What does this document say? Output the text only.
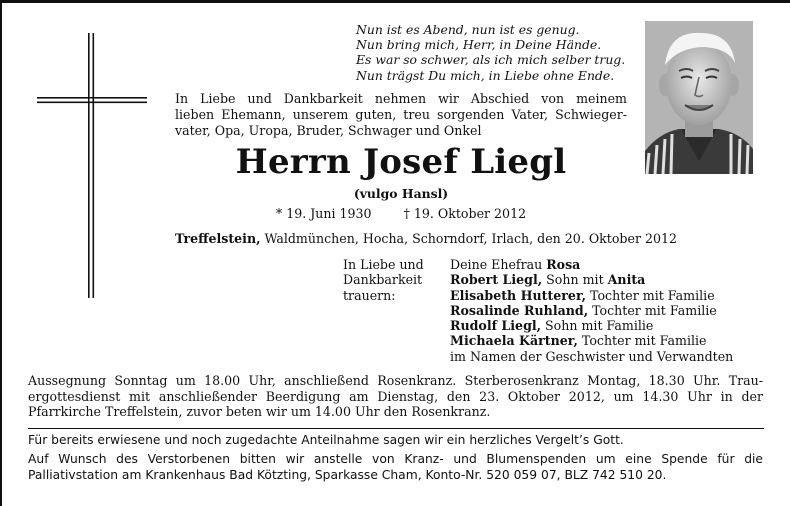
Nun ist es Abend, nun ist es genug.
Nun bring mich, Herr, in Deine Hände.
Es war so schwer, als ich mich selber trug.
Nun trägst Du mich, in Liebe ohne Ende.
In Liebe und Dankbarkeit nehmen wir Abschied von meinem
lieben Ehemann, unserem guten, treu sorgenden Vater, Schwieger-
vater, Opa, Uropa, Bruder, Schwager und Onkel
Herrn Josef Liegl
(vulgo Hansl)
* 19. Juni 1930	† 19. Oktober 2012
Treffelstein, Waldmünchen, Hocha, Schorndorf, Irlach, den 20. Oktober 2012
In Liebe und
Dankbarkeit
trauern:
Deine Ehefrau Rosa
Robert Liegl, Sohn mit Anita
Elisabeth Hutterer, Tochter mit Familie
Rosalinde Ruhland, Tochter mit Familie
Rudolf Liegl, Sohn mit Familie
Michaela Kärtner, Tochter mit Familie
im Namen der Geschwister und Verwandten
Aussegnung Sonntag um 18.00 Uhr, anschließend Rosenkranz. Sterberosenkranz Montag, 18.30 Uhr. Trau-
ergottesdienst mit anschließender Beerdigung am Dienstag, den 23. Oktober 2012, um 14.30 Uhr in der
Pfarrkirche Treffelstein, zuvor beten wir um 14.00 Uhr den Rosenkranz.
Für bereits erwiesene und noch zugedachte Anteilnahme sagen wir ein herzliches Vergelt’s Gott.
Auf Wunsch des Verstorbenen bitten wir anstelle von Kranz- und Blumenspenden um eine Spende für die
Palliativstation am Krankenhaus Bad Kötzting, Sparkasse Cham, Konto-Nr. 520 059 07, BLZ 742 510 20.
